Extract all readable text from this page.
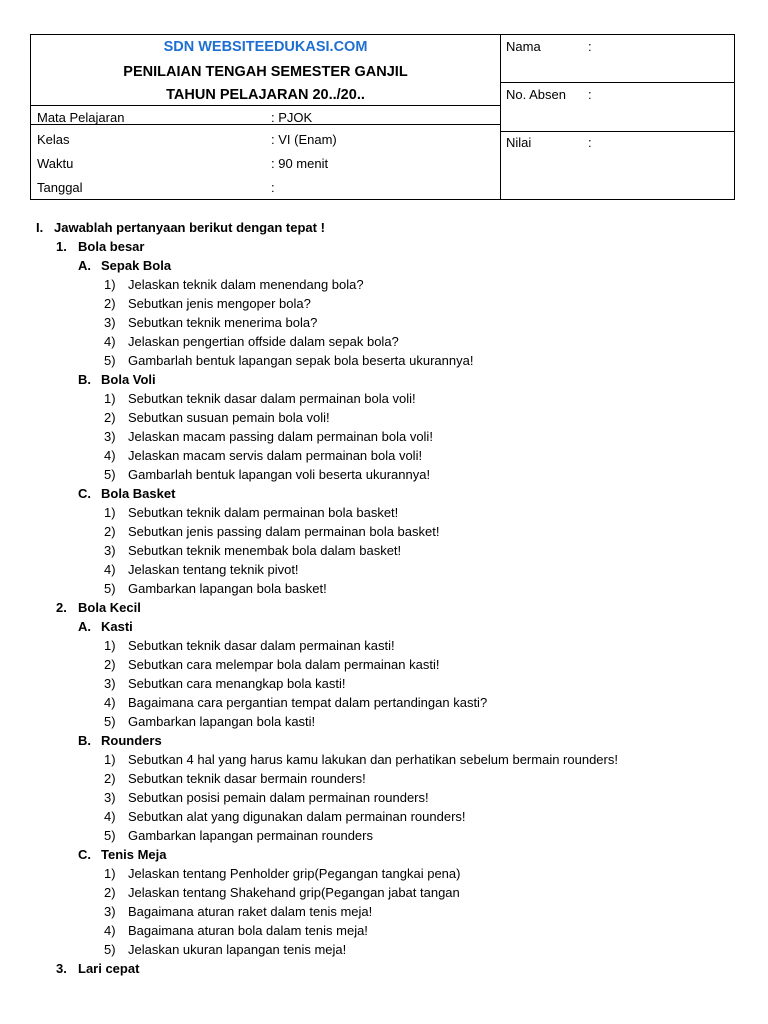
SDN WEBSITEEDUKASI.COM
PENILAIAN TENGAH SEMESTER GANJIL
TAHUN PELAJARAN 20../20..
Mata Pelajaran	: PJOK
Kelas	: VI (Enam)
Waktu	: 90 menit
Tanggal	:
Nama	:
No. Absen :
Nilai	:
I. Jawablah pertanyaan berikut dengan tepat !
1. Bola besar
A. Sepak Bola
1) Jelaskan teknik dalam menendang bola?
2) Sebutkan jenis mengoper bola?
3) Sebutkan teknik menerima bola?
4) Jelaskan pengertian offside dalam sepak bola?
5) Gambarlah bentuk lapangan sepak bola beserta ukurannya!
B. Bola Voli
1) Sebutkan teknik dasar dalam permainan bola voli!
2) Sebutkan susuan pemain bola voli!
3) Jelaskan macam passing dalam permainan bola voli!
4) Jelaskan macam servis dalam permainan bola voli!
5) Gambarlah bentuk lapangan voli beserta ukurannya!
C. Bola Basket
1) Sebutkan teknik dalam permainan bola basket!
2) Sebutkan jenis passing dalam permainan bola basket!
3) Sebutkan teknik menembak bola dalam basket!
4) Jelaskan tentang teknik pivot!
5) Gambarkan lapangan bola basket!
2. Bola Kecil
A. Kasti
1) Sebutkan teknik dasar dalam permainan kasti!
2) Sebutkan cara melempar bola dalam permainan kasti!
3) Sebutkan cara menangkap bola kasti!
4) Bagaimana cara pergantian tempat dalam pertandingan kasti?
5) Gambarkan lapangan bola kasti!
B. Rounders
1) Sebutkan 4 hal yang harus kamu lakukan dan perhatikan sebelum bermain rounders!
2) Sebutkan teknik dasar bermain rounders!
3) Sebutkan posisi pemain dalam permainan rounders!
4) Sebutkan alat yang digunakan dalam permainan rounders!
5) Gambarkan lapangan permainan rounders
C. Tenis Meja
1) Jelaskan tentang Penholder grip(Pegangan tangkai pena)
2) Jelaskan tentang Shakehand grip(Pegangan jabat tangan
3) Bagaimana aturan raket dalam tenis meja!
4) Bagaimana aturan bola dalam tenis meja!
5) Jelaskan ukuran lapangan tenis meja!
3. Lari cepat
